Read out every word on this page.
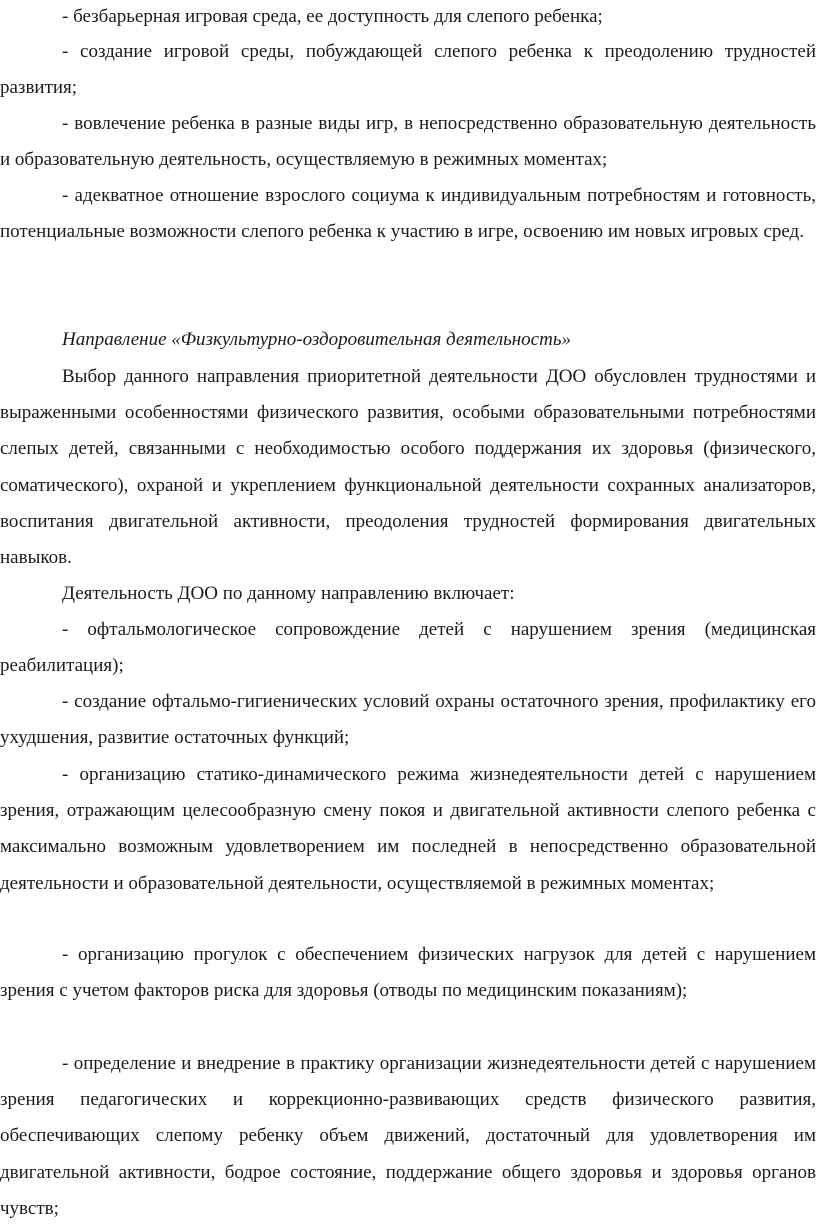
- безбарьерная игровая среда, ее доступность для слепого ребенка;

- создание игровой среды, побуждающей слепого ребенка к преодолению трудностей развития;

- вовлечение ребенка в разные виды игр, в непосредственно образовательную деятельность и образовательную деятельность, осуществляемую в режимных моментах;

- адекватное отношение взрослого социума к индивидуальным потребностям и готовность, потенциальные возможности слепого ребенка к участию в игре, освоению им новых игровых сред.

Направление «Физкультурно-оздоровительная деятельность»

Выбор данного направления приоритетной деятельности ДОО обусловлен трудностями и выраженными особенностями физического развития, особыми образовательными потребностями слепых детей, связанными с необходимостью особого поддержания их здоровья (физического, соматического), охраной и укреплением функциональной деятельности сохранных анализаторов, воспитания двигательной активности, преодоления трудностей формирования двигательных навыков.

Деятельность ДОО по данному направлению включает:

- офтальмологическое сопровождение детей с нарушением зрения (медицинская реабилитация);

- создание офтальмо-гигиенических условий охраны остаточного зрения, профилактику его ухудшения, развитие остаточных функций;

- организацию статико-динамического режима жизнедеятельности детей с нарушением зрения, отражающим целесообразную смену покоя и двигательной активности слепого ребенка с максимально возможным удовлетворением им последней в непосредственно образовательной деятельности и образовательной деятельности, осуществляемой в режимных моментах;

- организацию прогулок с обеспечением физических нагрузок для детей с нарушением зрения с учетом факторов риска для здоровья (отводы по медицинским показаниям);

- определение и внедрение в практику организации жизнедеятельности детей с нарушением зрения педагогических и коррекционно-развивающих средств физического развития, обеспечивающих слепому ребенку объем движений, достаточный для удовлетворения им двигательной активности, бодрое состояние, поддержание общего здоровья и здоровья органов чувств;
